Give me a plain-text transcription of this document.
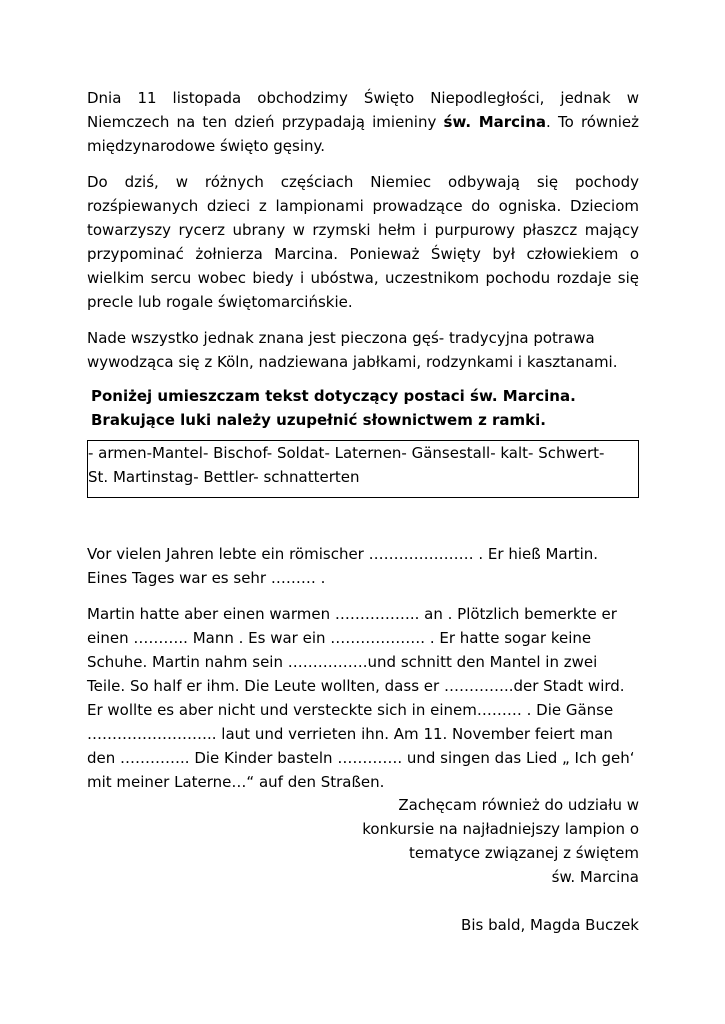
Dnia 11 listopada obchodzimy Święto Niepodległości, jednak w Niemczech na ten dzień przypadają imieniny św. Marcina. To również międzynarodowe święto gęsiny.

Do dziś, w różnych częściach Niemiec odbywają się pochody rozśpiewanych dzieci z lampionami prowadzące do ogniska. Dzieciom towarzyszy rycerz ubrany w rzymski hełm i purpurowy płaszcz mający przypominać żołnierza Marcina. Ponieważ Święty był człowiekiem o wielkim sercu wobec biedy i ubóstwa, uczestnikom pochodu rozdaje się precle lub rogale świętomarcińskie.

Nade wszystko jednak znana jest pieczona gęś- tradycyjna potrawa wywodząca się z Köln, nadziewana jabłkami, rodzynkami i kasztanami.

Poniżej umieszczam tekst dotyczący postaci św. Marcina. Brakujące luki należy uzupełnić słownictwem z ramki.

- armen-Mantel- Bischof- Soldat- Laternen- Gänsestall- kalt- Schwert-
St. Martinstag- Bettler- schnatterten

Vor vielen Jahren lebte ein römischer ………………… . Er hieß Martin. Eines Tages war es sehr ……… .

Martin hatte aber einen warmen …………….. an . Plötzlich bemerkte er einen ……….. Mann . Es war ein ………………. . Er hatte sogar keine Schuhe. Martin nahm sein …………….und schnitt den Mantel in zwei Teile. So half er ihm. Die Leute wollten, dass er …………..der Stadt wird. Er wollte es aber nicht und versteckte sich in einem……… . Die Gänse …………………….. laut und verrieten ihn. Am 11. November feiert man den ………….. Die Kinder basteln …………. und singen das Lied „ Ich geh‘ mit meiner Laterne…“ auf den Straßen.

Zachęcam również do udziału w
konkursie na najładniejszy lampion o
tematyce związanej z świętem
św. Marcina
Bis bald, Magda Buczek
